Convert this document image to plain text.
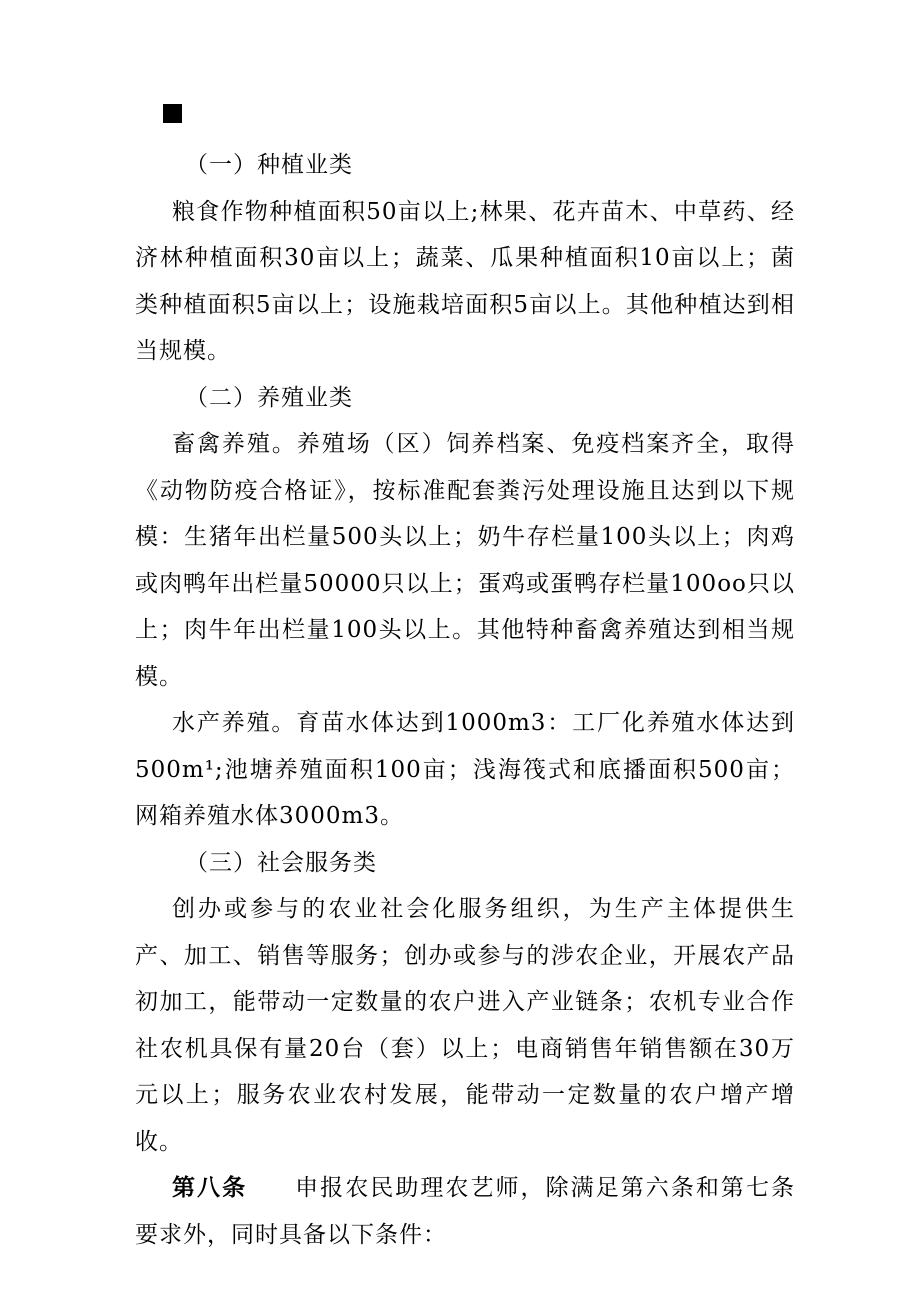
（一）种植业类

粮食作物种植面积50亩以上;林果、花卉苗木、中草药、经济林种植面积30亩以上；蔬菜、瓜果种植面积10亩以上；菌类种植面积5亩以上；设施栽培面积5亩以上。其他种植达到相当规模。

（二）养殖业类

畜禽养殖。养殖场（区）饲养档案、免疫档案齐全，取得《动物防疫合格证》，按标准配套粪污处理设施且达到以下规模：生猪年出栏量500头以上；奶牛存栏量100头以上；肉鸡或肉鸭年出栏量50000只以上；蛋鸡或蛋鸭存栏量100oo只以上；肉牛年出栏量100头以上。其他特种畜禽养殖达到相当规模。

水产养殖。育苗水体达到1000m3：工厂化养殖水体达到500m¹;池塘养殖面积100亩；浅海筏式和底播面积500亩；网箱养殖水体3000m3。

（三）社会服务类

创办或参与的农业社会化服务组织，为生产主体提供生产、加工、销售等服务；创办或参与的涉农企业，开展农产品初加工，能带动一定数量的农户进入产业链条；农机专业合作社农机具保有量20台（套）以上；电商销售年销售额在30万元以上；服务农业农村发展，能带动一定数量的农户增产增收。

第八条 申报农民助理农艺师，除满足第六条和第七条要求外，同时具备以下条件：
